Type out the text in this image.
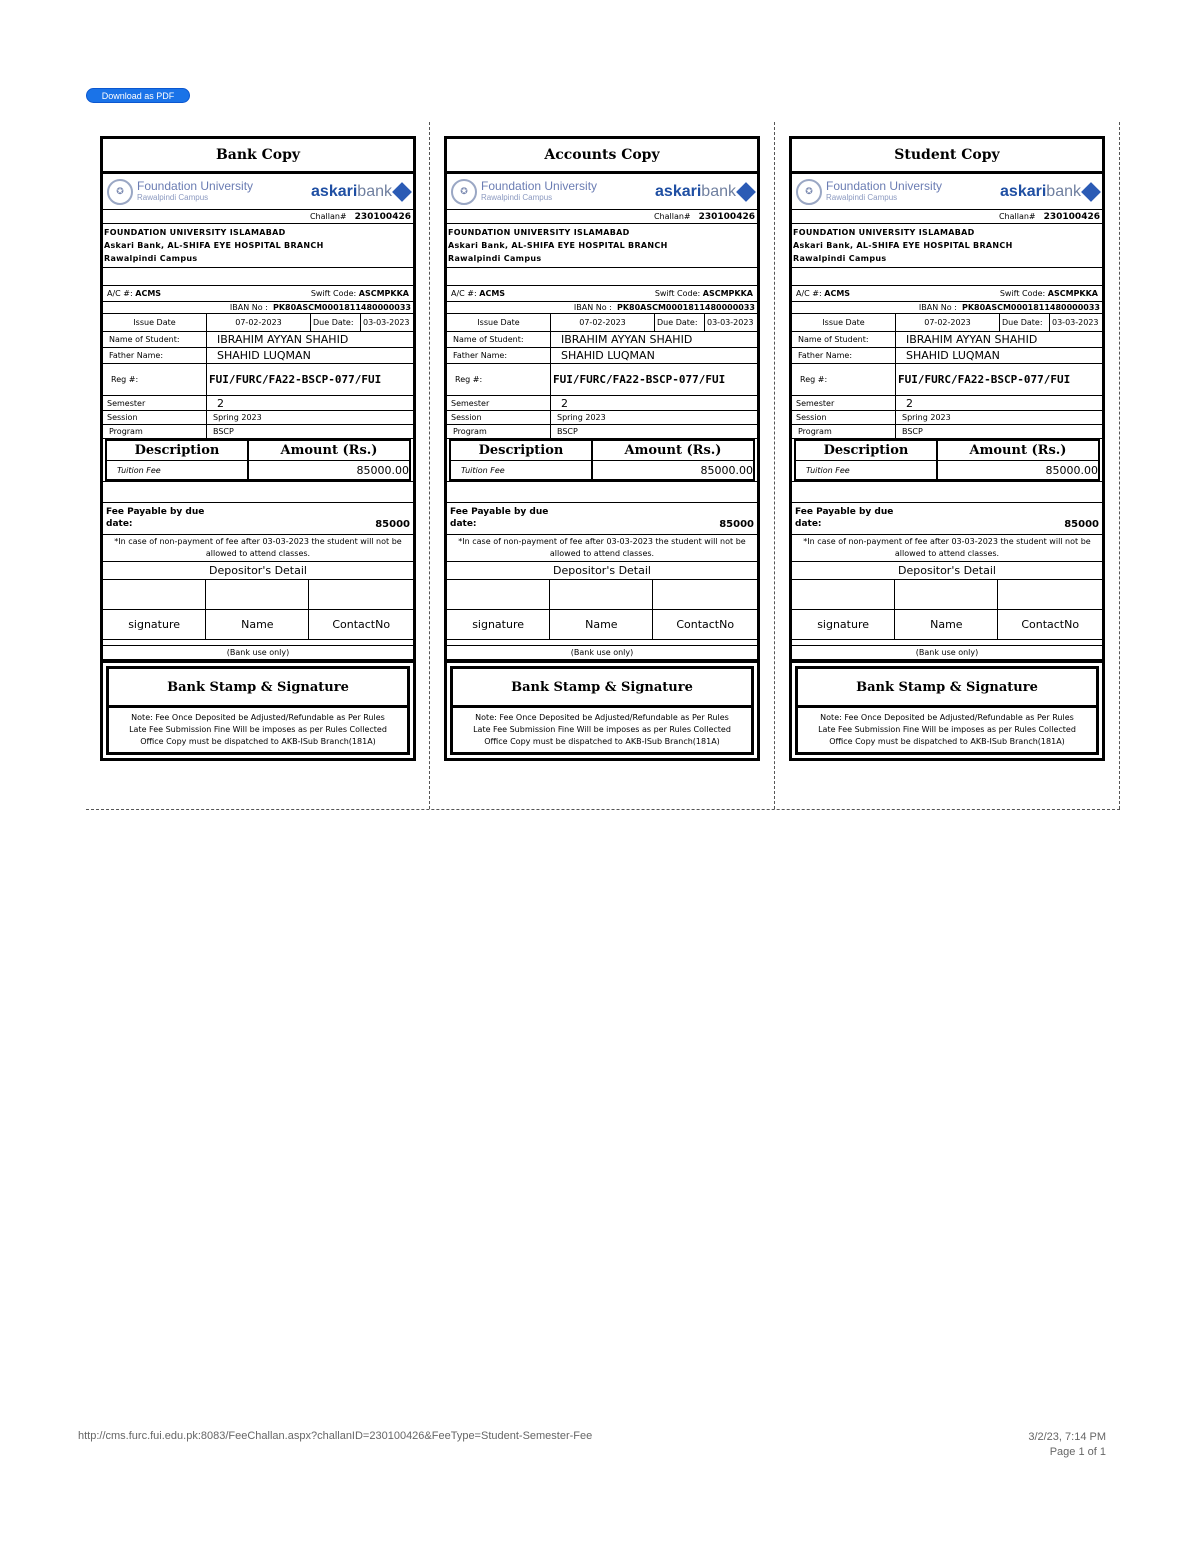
Download as PDF
Bank Copy
✪	Foundation University
Rawalpindi Campus	askaribank
Challan# 230100426
FOUNDATION UNIVERSITY ISLAMABAD
Askari Bank, AL-SHIFA EYE HOSPITAL BRANCH
Rawalpindi Campus
A/C #: ACMS	Swift Code: ASCMPKKA
IBAN No :
PK80ASCM0001811480000033
Issue Date	07-02-2023	Due Date:	03-03-2023
Name of Student:	IBRAHIM AYYAN SHAHID
Father Name:	SHAHID LUQMAN
Reg #:	FUI/FURC/FA22-BSCP-077/FUI
Semester	2
Session	Spring 2023
Program	BSCP
Description	Amount (Rs.)
Tuition Fee	85000.00
Fee Payable by due date:	85000
*In case of non-payment of fee after 03-03-2023 the student will not be allowed to attend classes.
Depositor's Detail
signature	Name	ContactNo
(Bank use only)
Bank Stamp & Signature
Note: Fee Once Deposited be Adjusted/Refundable as Per Rules
Late Fee Submission Fine Will be imposes as per Rules Collected
Office Copy must be dispatched to AKB-ISub Branch(181A)
Accounts Copy
✪	Foundation University
Rawalpindi Campus	askaribank
Challan# 230100426
FOUNDATION UNIVERSITY ISLAMABAD
Askari Bank, AL-SHIFA EYE HOSPITAL BRANCH
Rawalpindi Campus
A/C #: ACMS	Swift Code: ASCMPKKA
IBAN No :
PK80ASCM0001811480000033
Issue Date	07-02-2023	Due Date:	03-03-2023
Name of Student:	IBRAHIM AYYAN SHAHID
Father Name:	SHAHID LUQMAN
Reg #:	FUI/FURC/FA22-BSCP-077/FUI
Semester	2
Session	Spring 2023
Program	BSCP
Description	Amount (Rs.)
Tuition Fee	85000.00
Fee Payable by due date:	85000
*In case of non-payment of fee after 03-03-2023 the student will not be allowed to attend classes.
Depositor's Detail
signature	Name	ContactNo
(Bank use only)
Bank Stamp & Signature
Note: Fee Once Deposited be Adjusted/Refundable as Per Rules
Late Fee Submission Fine Will be imposes as per Rules Collected
Office Copy must be dispatched to AKB-ISub Branch(181A)
Student Copy
✪	Foundation University
Rawalpindi Campus	askaribank
Challan# 230100426
FOUNDATION UNIVERSITY ISLAMABAD
Askari Bank, AL-SHIFA EYE HOSPITAL BRANCH
Rawalpindi Campus
A/C #: ACMS	Swift Code: ASCMPKKA
IBAN No :
PK80ASCM0001811480000033
Issue Date	07-02-2023	Due Date:	03-03-2023
Name of Student:	IBRAHIM AYYAN SHAHID
Father Name:	SHAHID LUQMAN
Reg #:	FUI/FURC/FA22-BSCP-077/FUI
Semester	2
Session	Spring 2023
Program	BSCP
Description	Amount (Rs.)
Tuition Fee	85000.00
Fee Payable by due date:	85000
*In case of non-payment of fee after 03-03-2023 the student will not be allowed to attend classes.
Depositor's Detail
signature	Name	ContactNo
(Bank use only)
Bank Stamp & Signature
Note: Fee Once Deposited be Adjusted/Refundable as Per Rules
Late Fee Submission Fine Will be imposes as per Rules Collected
Office Copy must be dispatched to AKB-ISub Branch(181A)
http://cms.furc.fui.edu.pk:8083/FeeChallan.aspx?challanID=230100426&FeeType=Student-Semester-Fee	3/2/23, 7:14 PM
Page 1 of 1
